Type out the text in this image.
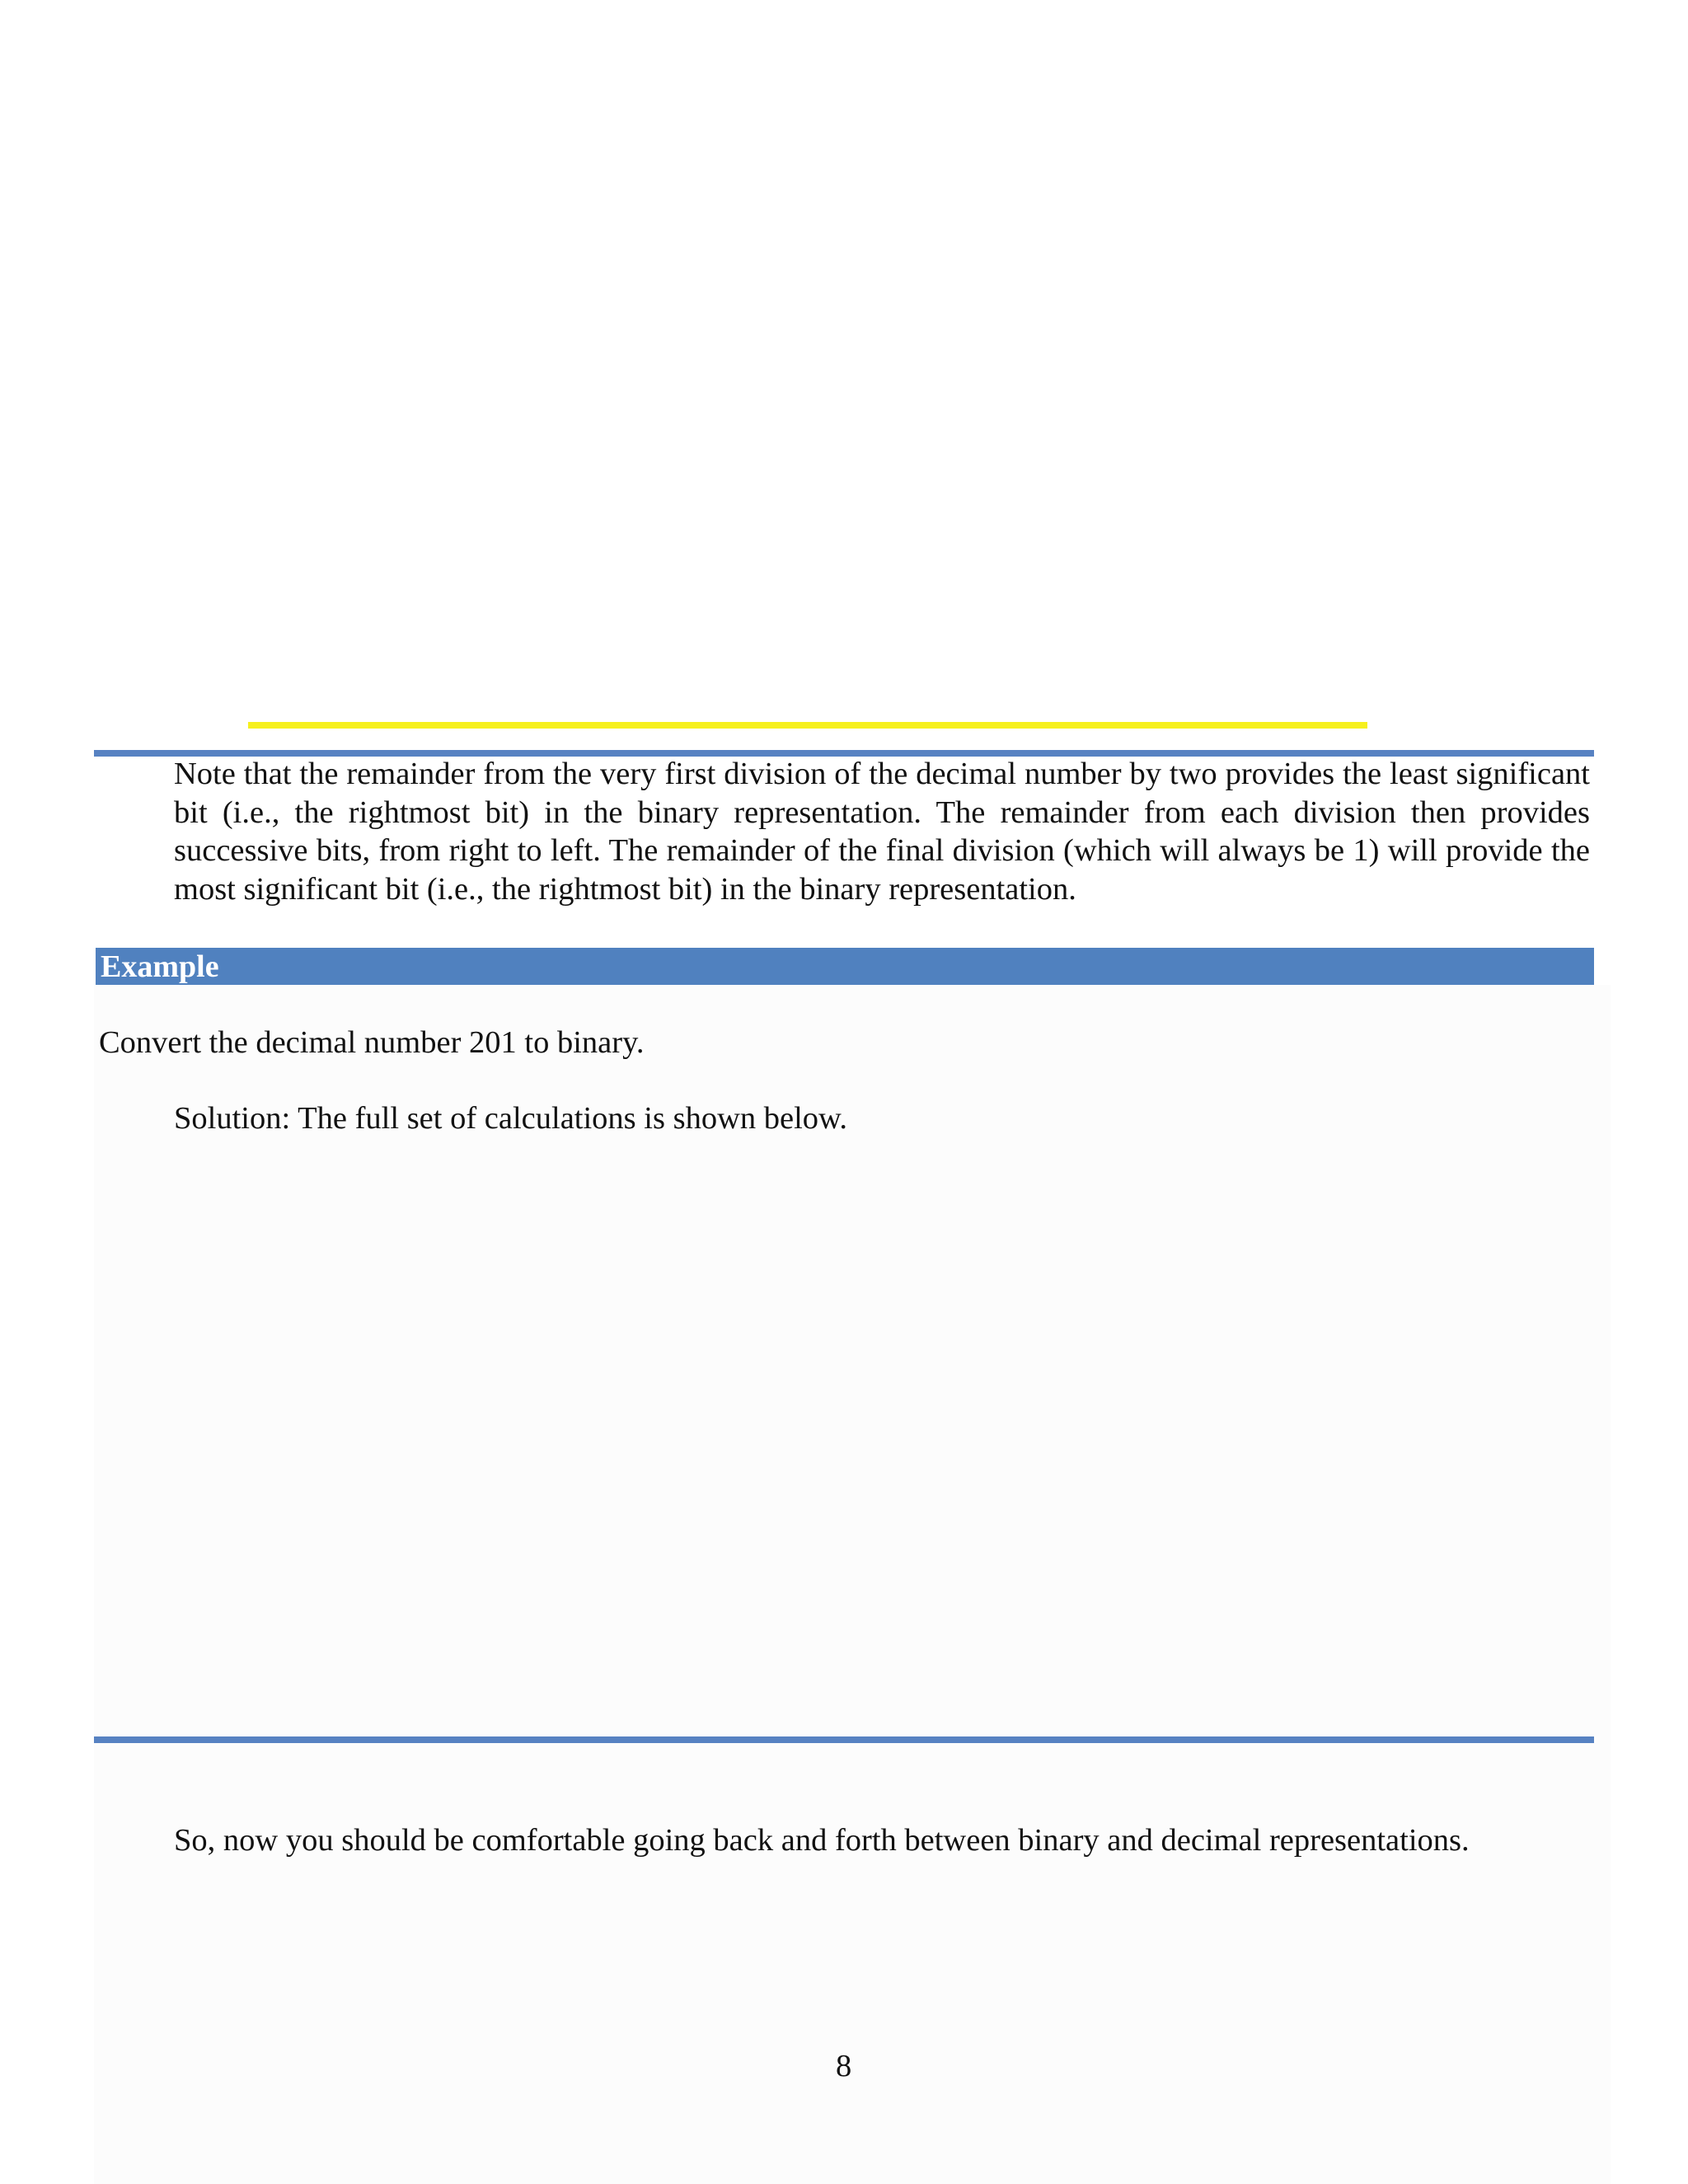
Note that the remainder from the very first division of the decimal number by two provides the least significant bit (i.e., the rightmost bit) in the binary representation. The remainder from each division then provides successive bits, from right to left. The remainder of the final division (which will always be 1) will provide the most significant bit (i.e., the rightmost bit) in the binary representation.

Example

Convert the decimal number 201 to binary.

Solution: The full set of calculations is shown below.

So, now you should be comfortable going back and forth between binary and decimal representations.

8
